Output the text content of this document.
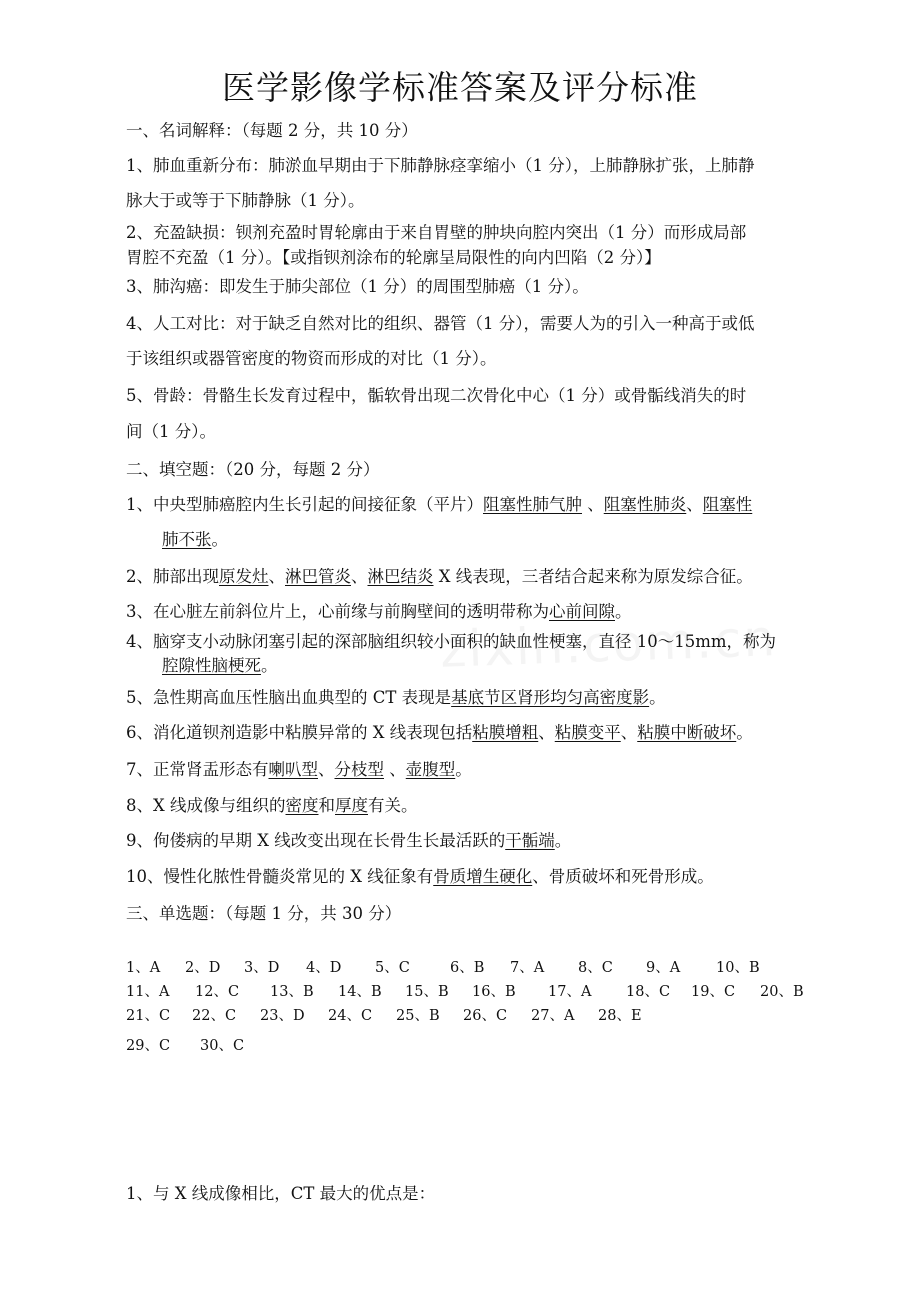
医学影像学标准答案及评分标准
一、名词解释：（每题 2 分，共 10 分）
1、肺血重新分布：肺淤血早期由于下肺静脉痉挛缩小（1 分），上肺静脉扩张，上肺静
脉大于或等于下肺静脉（1 分）。
2、充盈缺损：钡剂充盈时胃轮廓由于来自胃壁的肿块向腔内突出（1 分）而形成局部
胃腔不充盈（1 分）。【或指钡剂涂布的轮廓呈局限性的向内凹陷（2 分）】
3、肺沟癌：即发生于肺尖部位（1 分）的周围型肺癌（1 分）。
4、人工对比：对于缺乏自然对比的组织、器管（1 分），需要人为的引入一种高于或低
于该组织或器管密度的物资而形成的对比（1 分）。
5、骨龄：骨骼生长发育过程中，骺软骨出现二次骨化中心（1 分）或骨骺线消失的时
间（1 分）。
二、填空题：（20 分，每题 2 分）
1、中央型肺癌腔内生长引起的间接征象（平片）阻塞性肺气肿 、阻塞性肺炎、阻塞性
肺不张。
2、肺部出现原发灶、淋巴管炎、淋巴结炎 X 线表现，三者结合起来称为原发综合征。
3、在心脏左前斜位片上，心前缘与前胸壁间的透明带称为心前间隙。
4、脑穿支小动脉闭塞引起的深部脑组织较小面积的缺血性梗塞，直径 10～15mm，称为
腔隙性脑梗死。
5、急性期高血压性脑出血典型的 CT 表现是基底节区肾形均匀高密度影。
6、消化道钡剂造影中粘膜异常的 X 线表现包括粘膜增粗、粘膜变平、粘膜中断破坏。
7、正常肾盂形态有喇叭型、分枝型 、壶腹型。
8、X 线成像与组织的密度和厚度有关。
9、佝偻病的早期 X 线改变出现在长骨生长最活跃的干骺端。
10、慢性化脓性骨髓炎常见的 X 线征象有骨质增生硬化、骨质破坏和死骨形成。
三、单选题：（每题 1 分，共 30 分）
1、A 2、D 3、D 4、D 5、C	6、B 7、A 8、C 9、A 10、B
11、A 12、C 13、B 14、B 15、B 16、B 17、A 18、C 19、C 20、B
21、C 22、C 23、D 24、C 25、B 26、C 27、A 28、E
29、C 30、C
1、与 X 线成像相比，CT 最大的优点是：
